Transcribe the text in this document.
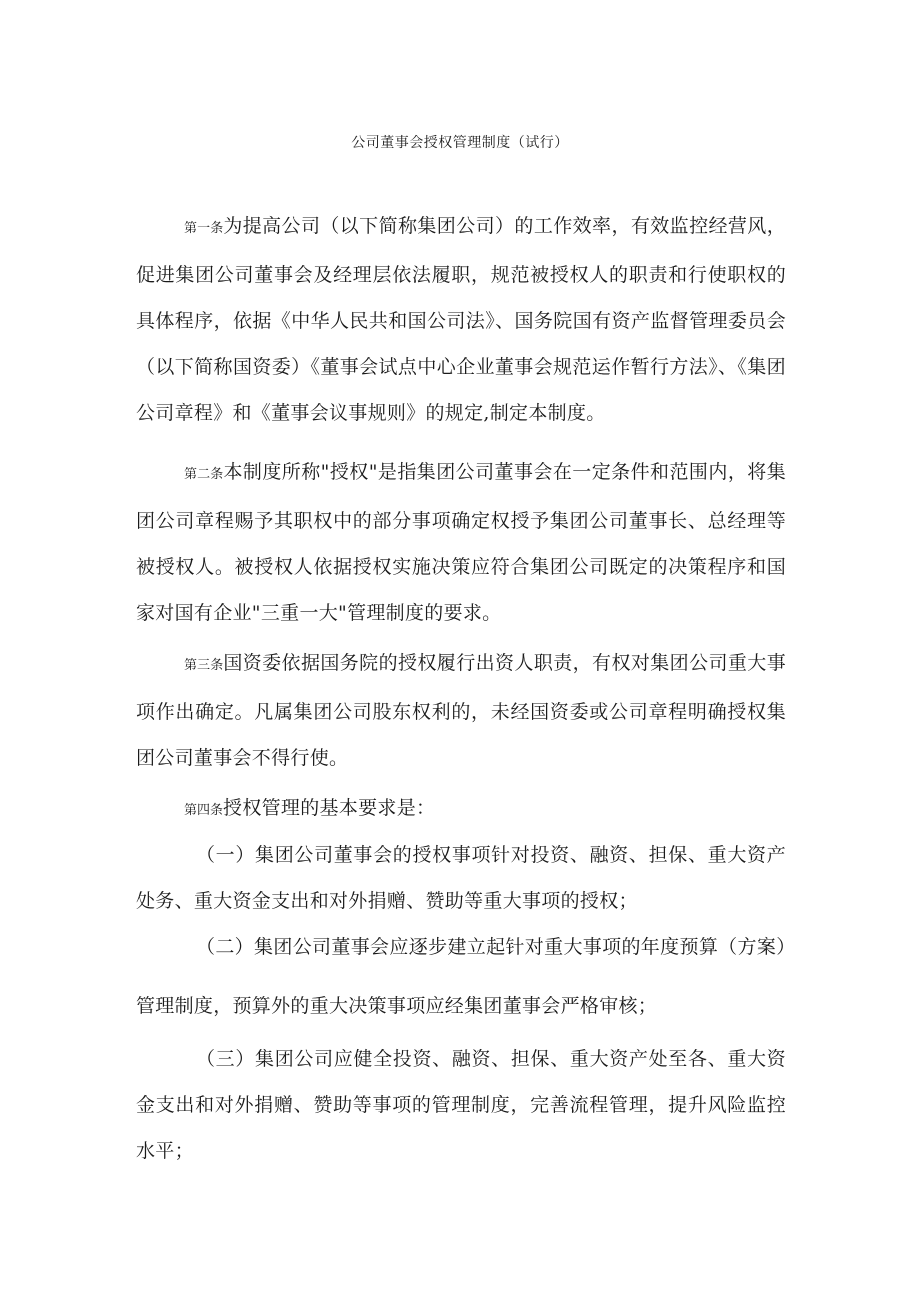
公司董事会授权管理制度（试行）

第一条为提高公司（以下简称集团公司）的工作效率，有效监控经营风，促进集团公司董事会及经理层依法履职，规范被授权人的职责和行使职权的具体程序，依据《中华人民共和国公司法》、国务院国有资产监督管理委员会（以下简称国资委）《董事会试点中心企业董事会规范运作暂行方法》、《集团公司章程》和《董事会议事规则》的规定,制定本制度。

第二条本制度所称"授权"是指集团公司董事会在一定条件和范围内，将集团公司章程赐予其职权中的部分事项确定权授予集团公司董事长、总经理等被授权人。被授权人依据授权实施决策应符合集团公司既定的决策程序和国家对国有企业"三重一大"管理制度的要求。

第三条国资委依据国务院的授权履行出资人职责，有权对集团公司重大事项作出确定。凡属集团公司股东权利的，未经国资委或公司章程明确授权集团公司董事会不得行使。

第四条授权管理的基本要求是：

（一）集团公司董事会的授权事项针对投资、融资、担保、重大资产处务、重大资金支出和对外捐赠、赞助等重大事项的授权；

（二）集团公司董事会应逐步建立起针对重大事项的年度预算（方案）管理制度，预算外的重大决策事项应经集团董事会严格审核；

（三）集团公司应健全投资、融资、担保、重大资产处至各、重大资金支出和对外捐赠、赞助等事项的管理制度，完善流程管理，提升风险监控水平；
